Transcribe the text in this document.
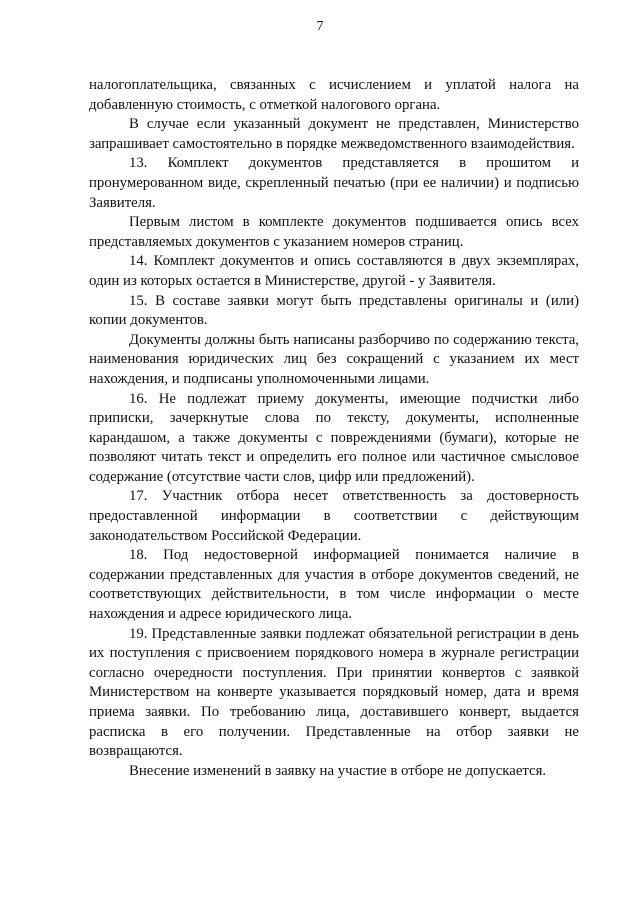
7

налогоплательщика, связанных с исчислением и уплатой налога на добавленную стоимость, с отметкой налогового органа.

В случае если указанный документ не представлен, Министерство запрашивает самостоятельно в порядке межведомственного взаимодействия.

13. Комплект документов представляется в прошитом и пронумерованном виде, скрепленный печатью (при ее наличии) и подписью Заявителя.

Первым листом в комплекте документов подшивается опись всех представляемых документов с указанием номеров страниц.

14. Комплект документов и опись составляются в двух экземплярах, один из которых остается в Министерстве, другой - у Заявителя.

15. В составе заявки могут быть представлены оригиналы и (или) копии документов.

Документы должны быть написаны разборчиво по содержанию текста, наименования юридических лиц без сокращений с указанием их мест нахождения, и подписаны уполномоченными лицами.

16. Не подлежат приему документы, имеющие подчистки либо приписки, зачеркнутые слова по тексту, документы, исполненные карандашом, а также документы с повреждениями (бумаги), которые не позволяют читать текст и определить его полное или частичное смысловое содержание (отсутствие части слов, цифр или предложений).

17. Участник отбора несет ответственность за достоверность предоставленной информации в соответствии с действующим законодательством Российской Федерации.

18. Под недостоверной информацией понимается наличие в содержании представленных для участия в отборе документов сведений, не соответствующих действительности, в том числе информации о месте нахождения и адресе юридического лица.

19. Представленные заявки подлежат обязательной регистрации в день их поступления с присвоением порядкового номера в журнале регистрации согласно очередности поступления. При принятии конвертов с заявкой Министерством на конверте указывается порядковый номер, дата и время приема заявки. По требованию лица, доставившего конверт, выдается расписка в его получении. Представленные на отбор заявки не возвращаются.

Внесение изменений в заявку на участие в отборе не допускается.
